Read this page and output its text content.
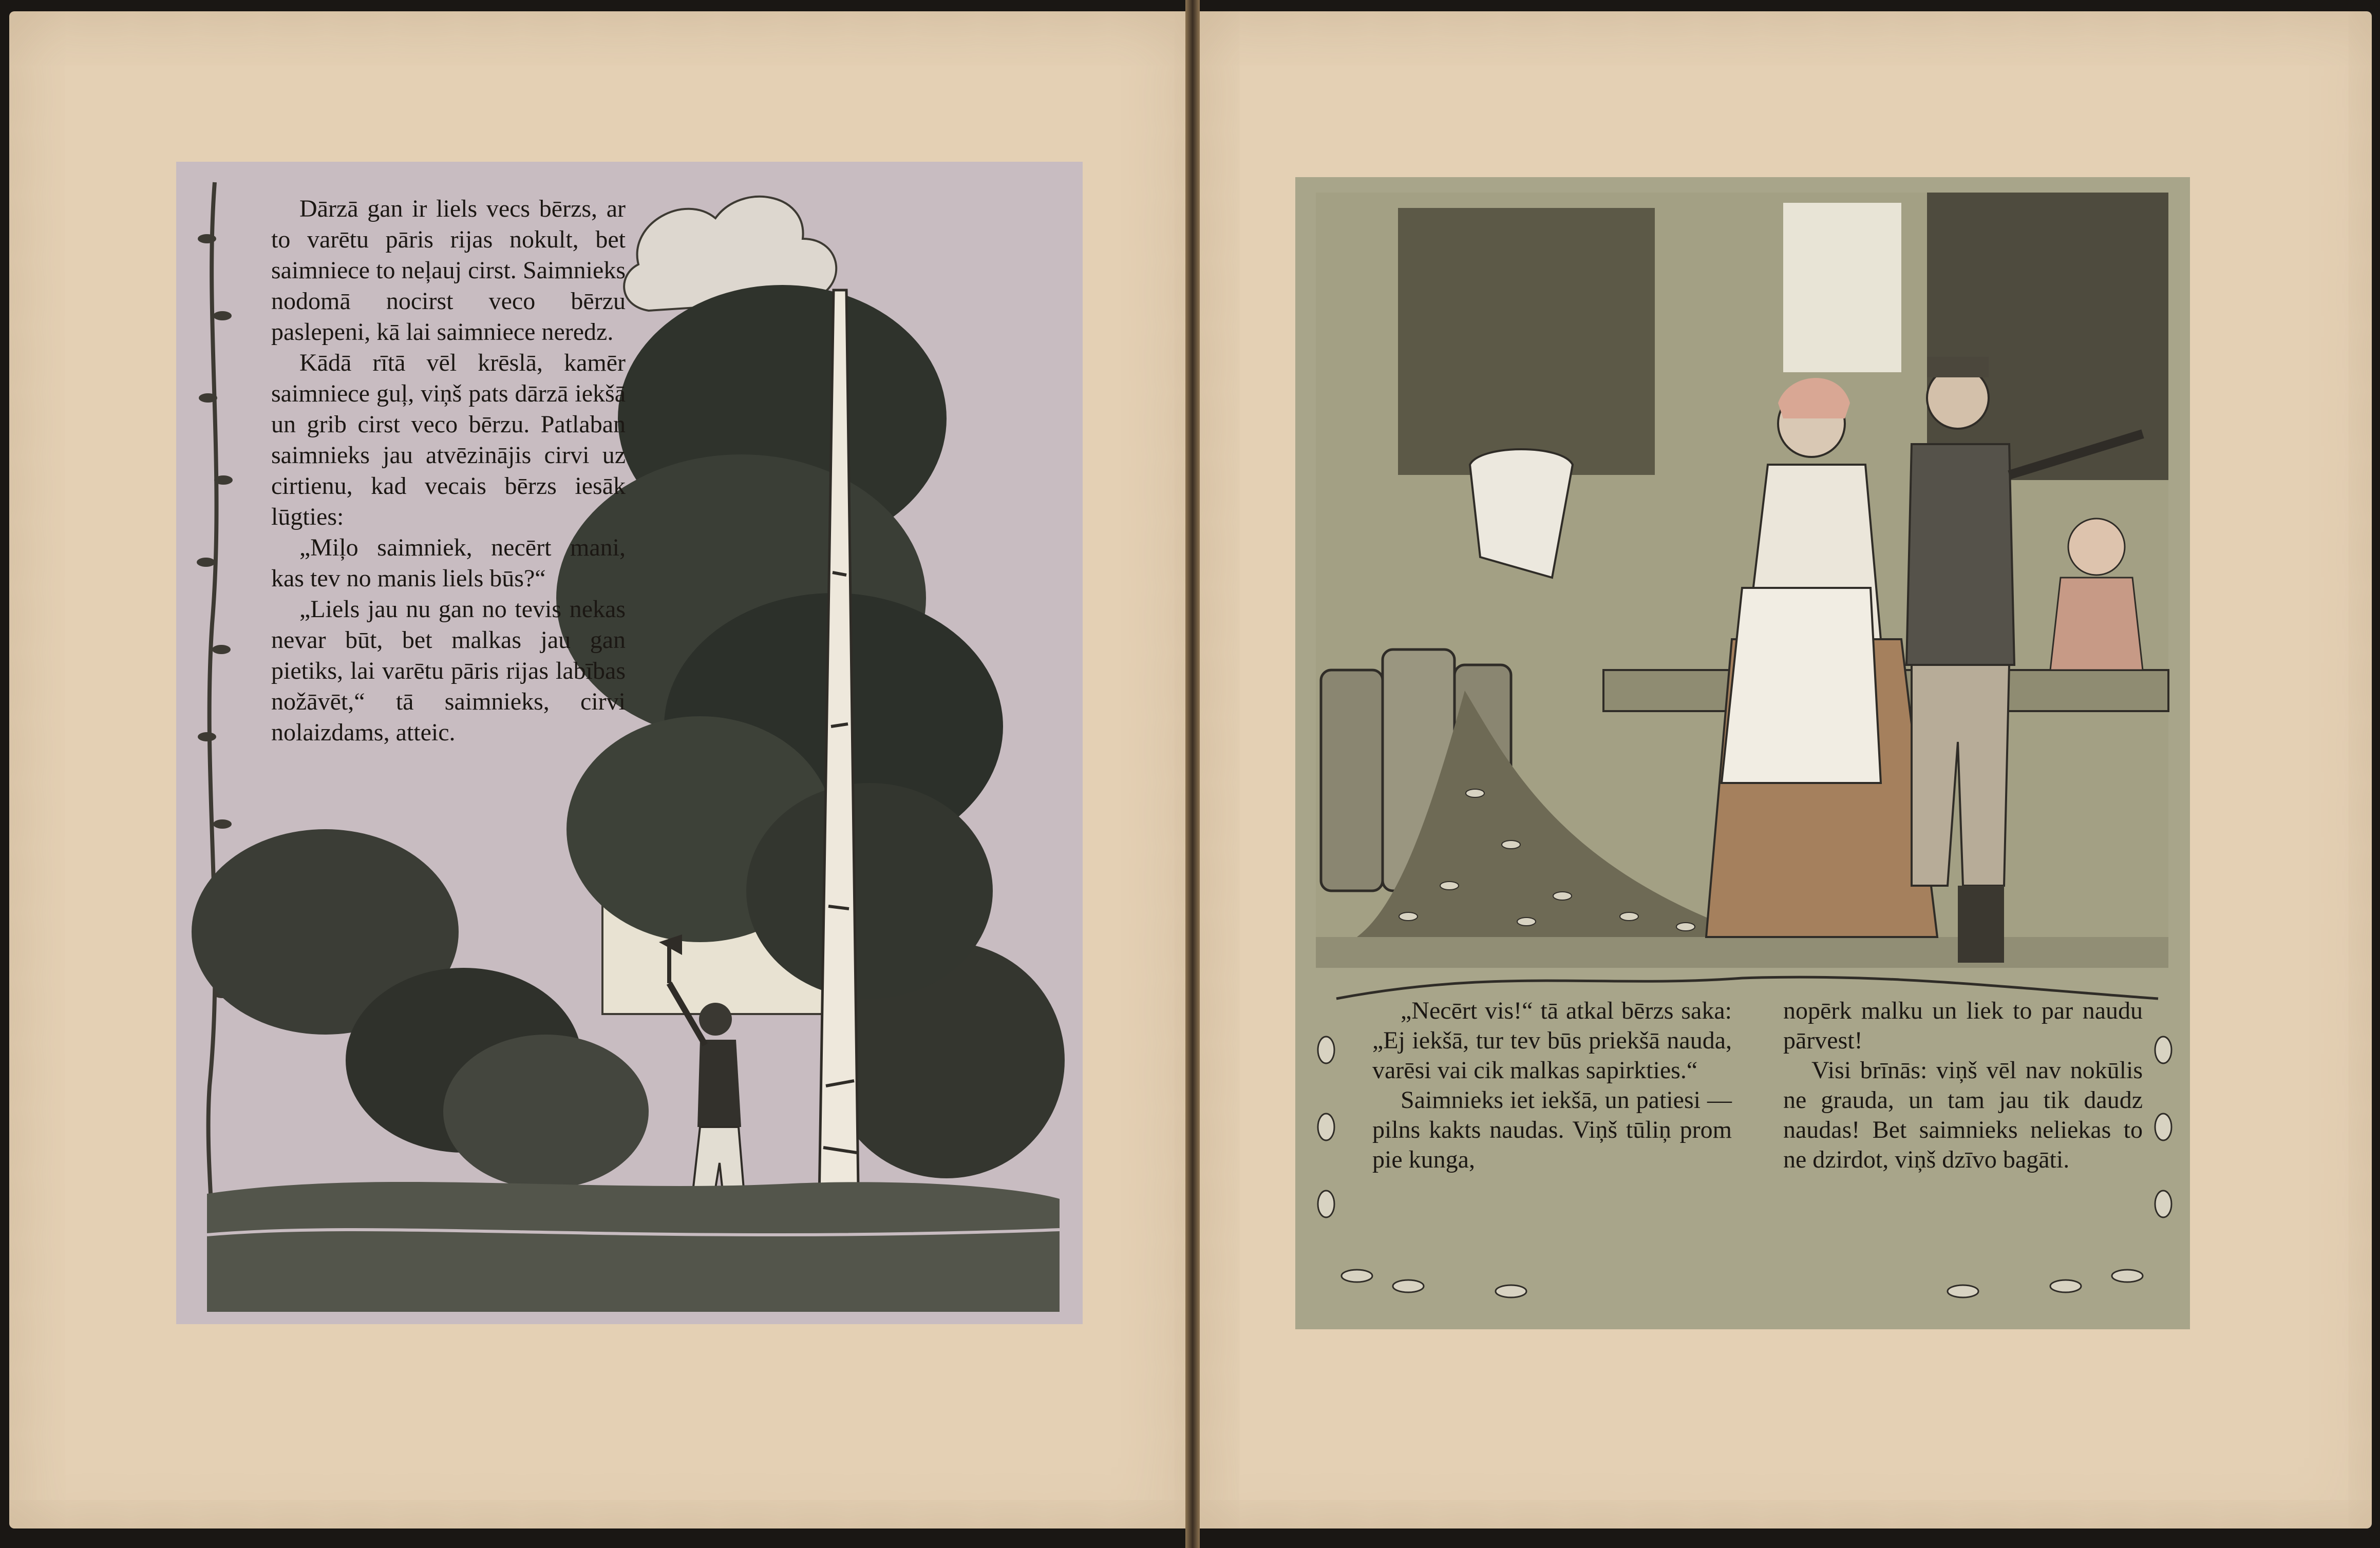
Dārzā gan ir liels vecs bērzs, ar to varētu pāris rijas nokult, bet saimniece to neļauj cirst. Saimnieks nodomā nocirst veco bērzu paslepeni, kā lai saimniece neredz.

Kādā rītā vēl krēslā, kamēr saimniece guļ, viņš pats dārzā iekšā un grib cirst veco bērzu. Patlaban saimnieks jau atvēzinājis cirvi uz cirtienu, kad vecais bērzs iesāk lūgties:

„Miļo saimniek, necērt mani, kas tev no manis liels būs?“

„Liels jau nu gan no tevis nekas nevar būt, bet malkas jau gan pietiks, lai varētu pāris rijas labības nožāvēt,“ tā saimnieks, cirvi nolaizdams, atteic.

„Necērt vis!“ tā atkal bērzs saka: „Ej iekšā, tur tev būs priekšā nauda, varēsi vai cik malkas sapirkties.“

Saimnieks iet iekšā, un patiesi — pilns kakts naudas. Viņš tūliņ prom pie kunga,

nopērk malku un liek to par naudu pārvest!

Visi brīnās: viņš vēl nav nokūlis ne grauda, un tam jau tik daudz naudas! Bet saimnieks neliekas to ne dzirdot, viņš dzīvo bagāti.
